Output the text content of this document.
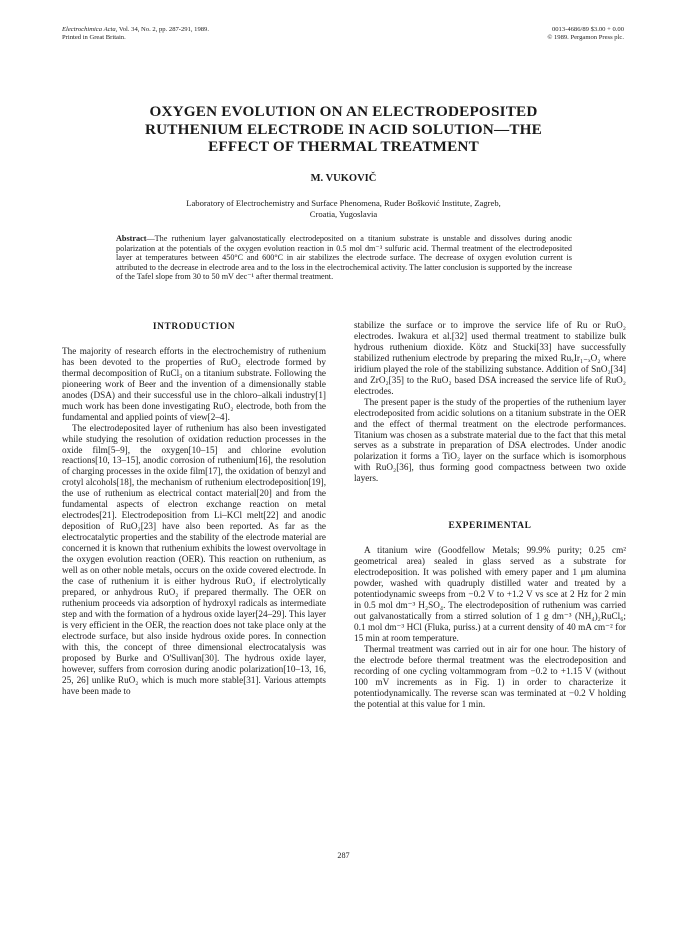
Electrochimica Acta, Vol. 34, No. 2, pp. 287-291, 1989.
Printed in Great Britain.
0013-4686/89 $3.00 + 0.00
© 1989. Pergamon Press plc.
OXYGEN EVOLUTION ON AN ELECTRODEPOSITED
RUTHENIUM ELECTRODE IN ACID SOLUTION—THE
EFFECT OF THERMAL TREATMENT
M. VUKOVIČ
Laboratory of Electrochemistry and Surface Phenomena, Ruđer Bošković Institute, Zagreb,
Croatia, Yugoslavia
Abstract—The ruthenium layer galvanostatically electrodeposited on a titanium substrate is unstable and dissolves during anodic polarization at the potentials of the oxygen evolution reaction in 0.5 mol dm⁻³ sulfuric acid. Thermal treatment of the electrodeposited layer at temperatures between 450°C and 600°C in air stabilizes the electrode surface. The decrease of oxygen evolution current is attributed to the decrease in electrode area and to the loss in the electrochemical activity. The latter conclusion is supported by the increase of the Tafel slope from 30 to 50 mV dec⁻¹ after thermal treatment.
INTRODUCTION

The majority of research efforts in the electrochemistry of ruthenium has been devoted to the properties of RuO₂ electrode formed by thermal decomposition of RuCl₃ on a titanium substrate. Following the pioneering work of Beer and the invention of a dimensionally stable anodes (DSA) and their successful use in the chloro–alkali industry[1] much work has been done investigating RuO₂ electrode, both from the fundamental and applied points of view[2–4].

The electrodeposited layer of ruthenium has also been investigated while studying the resolution of oxidation reduction processes in the oxide film[5–9], the oxygen[10–15] and chlorine evolution reactions[10, 13–15], anodic corrosion of ruthenium[16], the resolution of charging processes in the oxide film[17], the oxidation of benzyl and crotyl alcohols[18], the mechanism of ruthenium electrodeposition[19], the use of ruthenium as electrical contact material[20] and from the fundamental aspects of electron exchange reaction on metal electrodes[21]. Electrodeposition from Li–KCl melt[22] and anodic deposition of RuO₂[23] have also been reported. As far as the electrocatalytic properties and the stability of the electrode material are concerned it is known that ruthenium exhibits the lowest overvoltage in the oxygen evolution reaction (OER). This reaction on ruthenium, as well as on other noble metals, occurs on the oxide covered electrode. In the case of ruthenium it is either hydrous RuO₂ if electrolytically prepared, or anhydrous RuO₂ if prepared thermally. The OER on ruthenium proceeds via adsorption of hydroxyl radicals as intermediate step and with the formation of a hydrous oxide layer[24–29]. This layer is very efficient in the OER, the reaction does not take place only at the electrode surface, but also inside hydrous oxide pores. In connection with this, the concept of three dimensional electrocatalysis was proposed by Burke and O'Sullivan[30]. The hydrous oxide layer, however, suffers from corrosion during anodic polarization[10–13, 16, 25, 26] unlike RuO₂ which is much more stable[31]. Various attempts have been made to

stabilize the surface or to improve the service life of Ru or RuO₂ electrodes. Iwakura et al.[32] used thermal treatment to stabilize bulk hydrous ruthenium dioxide. Kötz and Stucki[33] have successfully stabilized ruthenium electrode by preparing the mixed RuₓIr₁₋ₓO₂ where iridium played the role of the stabilizing substance. Addition of SnO₂[34] and ZrO₂[35] to the RuO₂ based DSA increased the service life of RuO₂ electrodes.

The present paper is the study of the properties of the ruthenium layer electrodeposited from acidic solutions on a titanium substrate in the OER and the effect of thermal treatment on the electrode performances. Titanium was chosen as a substrate material due to the fact that this metal serves as a substrate in preparation of DSA electrodes. Under anodic polarization it forms a TiO₂ layer on the surface which is isomorphous with RuO₂[36], thus forming good compactness between two oxide layers.

EXPERIMENTAL

A titanium wire (Goodfellow Metals; 99.9% purity; 0.25 cm² geometrical area) sealed in glass served as a substrate for electrodeposition. It was polished with emery paper and 1 μm alumina powder, washed with quadruply distilled water and treated by a potentiodynamic sweeps from −0.2 V to +1.2 V vs sce at 2 Hz for 2 min in 0.5 mol dm⁻³ H₂SO₄. The electrodeposition of ruthenium was carried out galvanostatically from a stirred solution of 1 g dm⁻³ (NH₄)₂RuCl₆; 0.1 mol dm⁻³ HCl (Fluka, puriss.) at a current density of 40 mA cm⁻² for 15 min at room temperature.

Thermal treatment was carried out in air for one hour. The history of the electrode before thermal treatment was the electrodeposition and recording of one cycling voltammogram from −0.2 to +1.15 V (without 100 mV increments as in Fig. 1) in order to characterize it potentiodynamically. The reverse scan was terminated at −0.2 V holding the potential at this value for 1 min.

287
